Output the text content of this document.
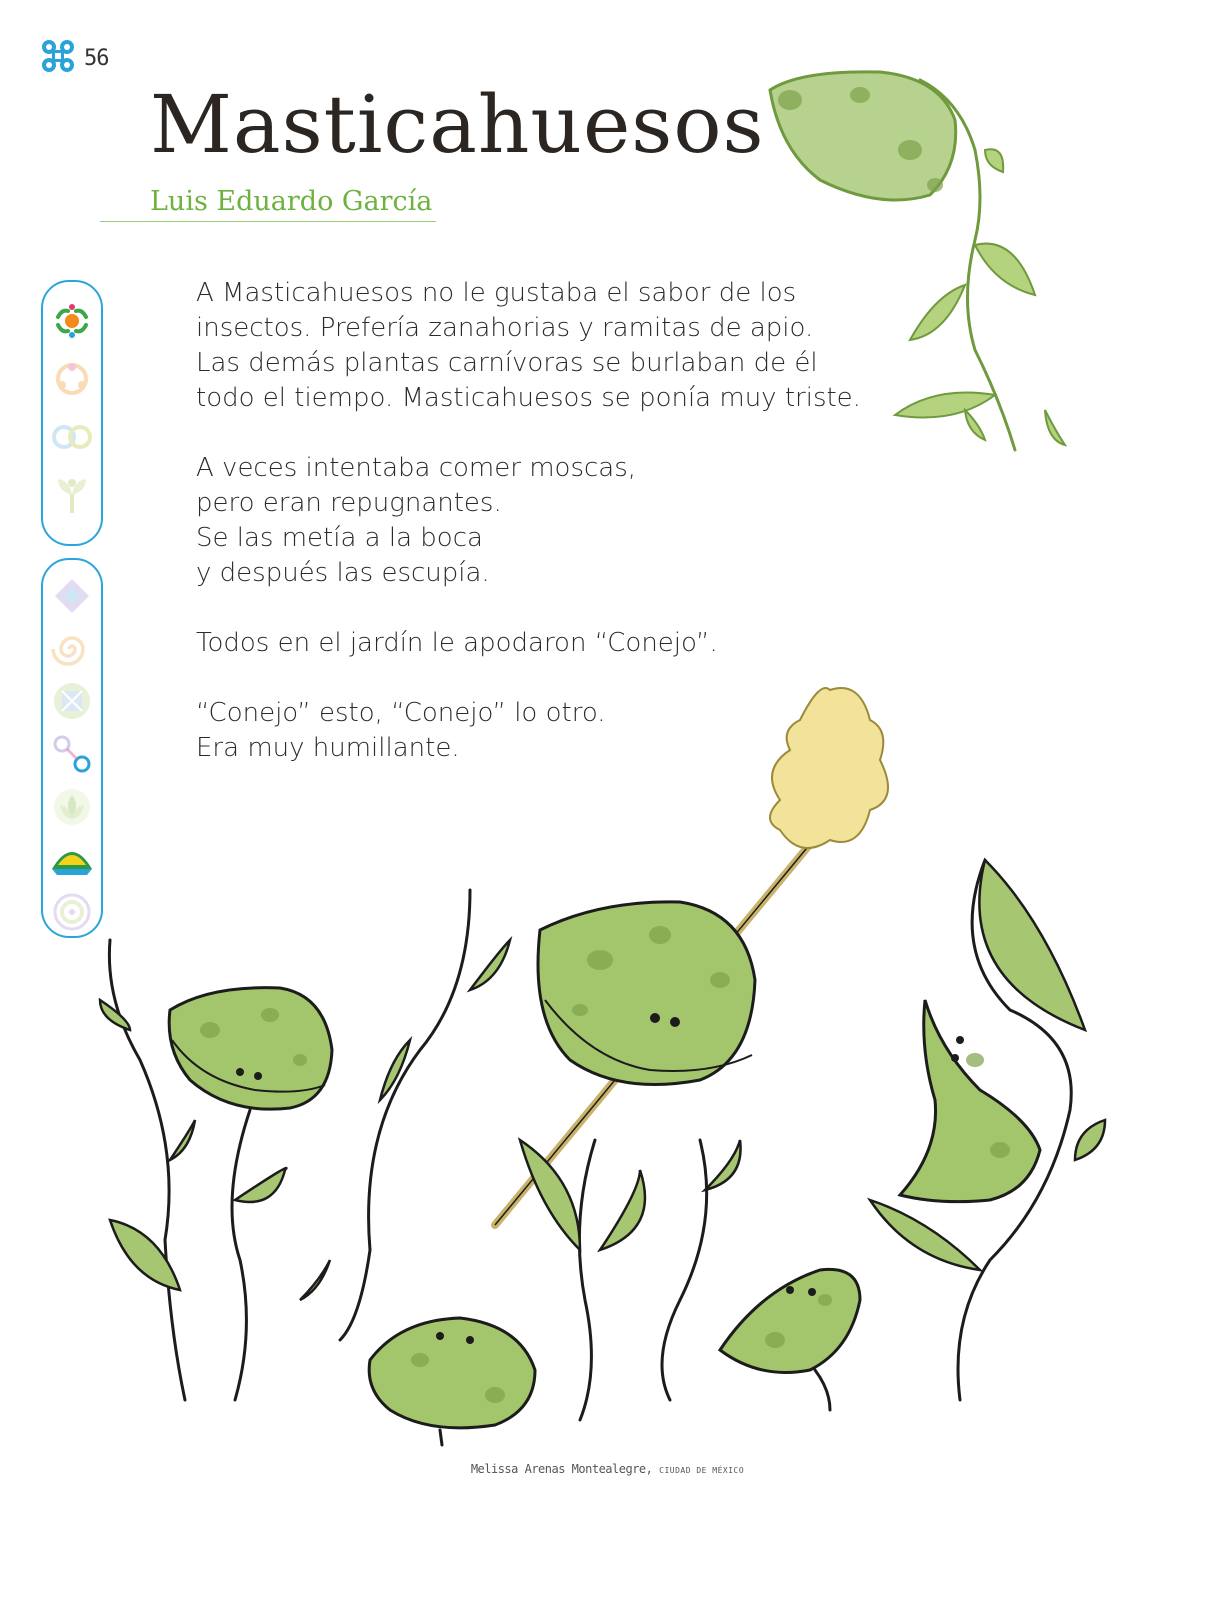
56
Masticahuesos
Luis Eduardo García

A Masticahuesos no le gustaba el sabor de los
insectos. Prefería zanahorias y ramitas de apio.
Las demás plantas carnívoras se burlaban de él
todo el tiempo. Masticahuesos se ponía muy triste.

A veces intentaba comer moscas,
pero eran repugnantes.
Se las metía a la boca
y después las escupía.

Todos en el jardín le apodaron “Conejo”.

“Conejo” esto, “Conejo” lo otro.
Era muy humillante.

Melissa Arenas Montealegre, CIUDAD DE MÉXICO
